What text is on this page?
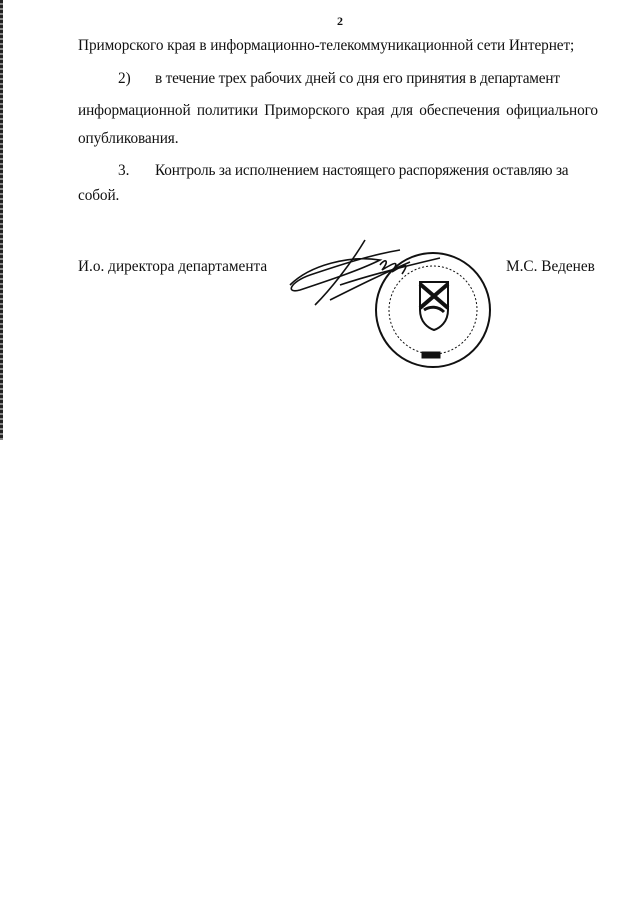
2
Приморского края в информационно-телекоммуникационной сети Интернет;
2) в течение трех рабочих дней со дня его принятия в департамент
информационной политики Приморского края для обеспечения официального
опубликования.
3. Контроль за исполнением настоящего распоряжения оставляю за
собой.
И.о. директора департамента	М.С. Веденев
